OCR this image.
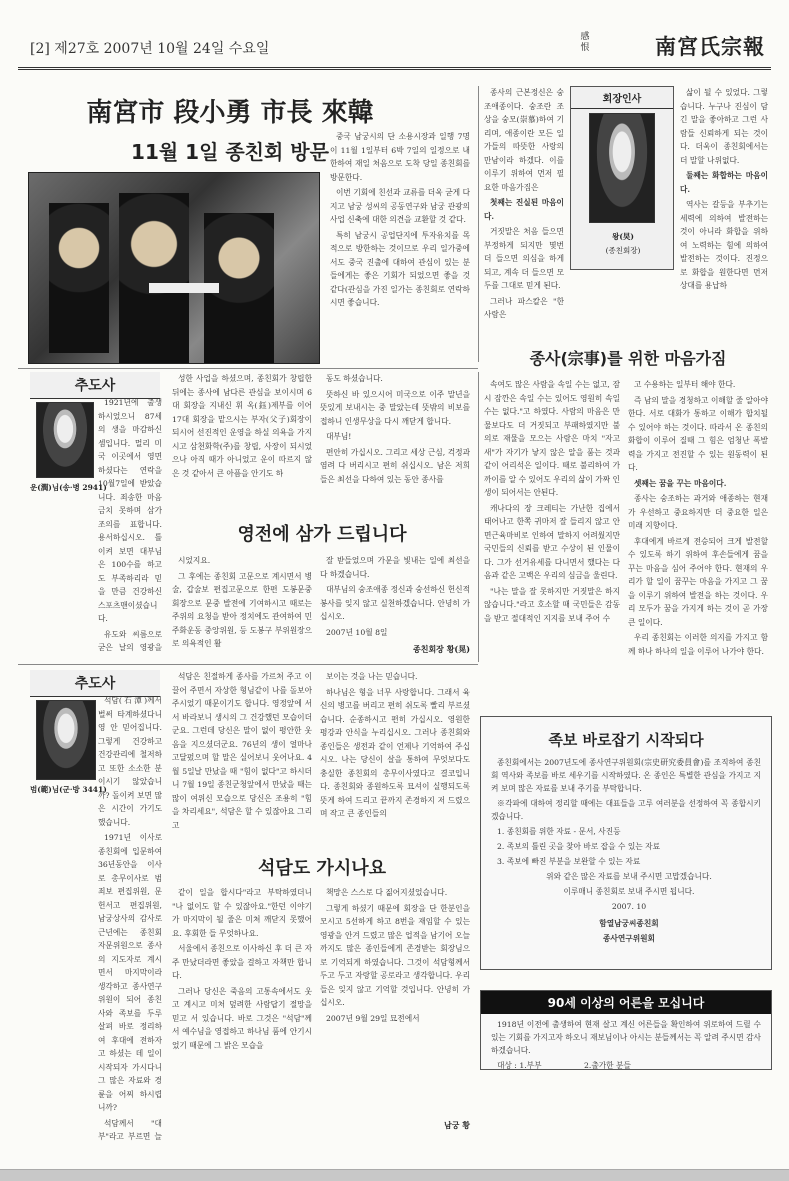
[2] 제27호 2007년 10월 24일 수요일
感 恨	南宮氏宗報
南宮市 段小勇 市長 來韓
11월 1일 종친회 방문

중국 남궁시의 단 소용시장과 일행 7명이 11월 1일부터 6박 7일의 일정으로 내한하여 재일 처음으로 도착 당일 종친회를 방문한다.

이번 기회에 친선과 교류를 더욱 굳게 다지고 남궁 성씨의 공동연구와 남궁 관광의 사업 신축에 대한 의견을 교환할 것 같다.

특히 남궁시 공업단지에 투자유치를 목적으로 방한하는 것이므로 우리 일가중에서도 중국 진출에 대하여 관심이 있는 분들에게는 좋은 기회가 되었으면 좋을 것 같다(관심을 가진 일가는 종친회로 연락하시면 좋습니다.

종사의 근본정신은 숭조애종이다. 숭조란 조상을 숭모(崇慕)하여 기리며, 애종이란 모든 일가들의 따뜻한 사랑의 만남이라 하겠다. 이를 이루기 위하여 먼저 필요한 마음가짐은

첫째는 진실된 마음이다.

거짓말은 처음 들으면 부정하게 되지만 몇번 더 들으면 의심을 하게 되고, 계속 더 들으면 모두를 그대로 믿게 된다.

그러나 파스칼은 "한 사람은

회장인사
왕(旲)
(종친회장)

삶이 될 수 있었다. 그렇습니다. 누구나 진심이 담긴 말을 좋아하고 그런 사람들 신뢰하게 되는 것이다. 더욱이 종친회에서는 더 말할 나위없다.

둘째는 화합하는 마음이다.

역사는 갈등을 부추기는 세력에 의하여 발전하는 것이 아니라 화합을 위하여 노력하는 힘에 의하여 발전하는 것이다. 진정으로 화합을 원한다면 먼저 상대를 용납하

종사(宗事)를 위한 마음가짐
추도사
운(潤)님(송·병 2941)

1921년에 출생하시었으니 87세의 생을 마감하신 셈입니다. 멀리 미국 이곳에서 영면하셨다는 연락을 10월7일에 받았습니다. 죄송한 마음 금치 못하며 삼가 조의를 표합니다. 용서하십시오. 틀이켜 보면 대부님은 100수를 하고도 부족하리라 믿을 만큼 건강하신 스포츠맨이셨습니다.

유도와 씨름으로 굳은 날의 영광을

성한 사업을 하셨으며, 종친회가 창립한 뒤에는 종사에 남다른 관심을 보이시며 6대 회장을 지내신 휘 옥(鈺)제부를 이어 17대 회장을 맡으시는 부자(父子)회장이 되시어 선진적인 운영을 하실 의욕을 가지시고 삼천화학(주)를 창립, 사장이 되시었으나 아직 때가 아니었고 운이 따르지 않은 것 같아서 큰 아픔을 안기도 하

동도 하셨습니다.

뜻하신 바 있으시어 미국으로 이주 말년을 뜻있게 보내시는 중 말았는데 뜻밖의 비보를 접하니 인생무상을 다시 깨닫게 합니다.

대부님!

편안히 가십시오. 그리고 세상 근심, 걱정과 염려 다 버리시고 편히 쉬십시오. 남은 저희들은 최선을 다하여 있는 동안 종사를

영전에 삼가 드립니다

시었지요.

그 후에는 종친회 고문으로 계시면서 병술, 갑술보 편집고문으로 한편 도봉문중 회장으로 문중 발전에 기여하시고 때로는 주위의 요청을 받아 정치에도 관여하여 민주화운동 중앙위원, 등 도봉구 부위원장으로 의욕적인 활

잘 받들었으며 가문을 빛내는 일에 최선을 다 하겠습니다.

대부님의 숭조애종 정신과 숭선하신 헌신적 봉사를 잊지 않고 실천하겠습니다. 안녕히 가십시오.

2007년 10월 8일

종친회장 황(晃)

속여도 많은 사람을 속일 수는 없고, 잠시 잠깐은 속일 수는 있어도 영원히 속일 수는 없다."고 하였다. 사람의 마음은 만물보다도 더 거짓되고 부패하였지만 불의로 재물을 모으는 사람은 마치 "자고새"가 자기가 낳지 않은 알을 품는 것과 같이 어리석은 일이다. 때로 불리하여 가까이를 알 수 있어도 우리의 삶이 가짜 인생이 되어서는 안된다.

캐나다의 장 크레티는 가난한 집에서 태어나고 한쪽 귀마저 잘 들리지 않고 안면근육마비로 인하여 말하지 어려웠지만 국민들의 신뢰를 받고 수상이 된 인물이다. 그가 선거유세를 다니면서 했다는 다음과 같은 고백은 우리의 심금을 울린다.

"나는 말을 잘 못하지만 거짓말은 하지 않습니다."라고 호소할 때 국민들은 감동을 받고 절대적인 지지를 보내 주어 수

고 수용하는 일부터 해야 한다.

즉 남의 말을 경청하고 이해할 줄 알아야 한다. 서로 대화가 통하고 이해가 합치될 수 있어야 하는 것이다. 따라서 온 종친의 화합이 이루어 질때 그 힘은 엄청난 폭발력을 가지고 전진할 수 있는 원동력이 된다.

셋째는 꿈을 꾸는 마음이다.

종사는 숭조하는 과거와 애종하는 현재가 우선하고 중요하지만 더 중요한 일은 미래 지향이다.

후대에게 바르게 전승되어 크게 발전할 수 있도록 하기 위하여 후손들에게 꿈을 꾸는 마음을 심어 주어야 한다. 현재의 우리가 할 일이 꿈꾸는 마음을 가지고 그 꿈을 이루기 위하여 발전을 하는 것이다. 우리 모두가 꿈을 가지게 하는 것이 곧 가장 큰 일이다.

우리 종친회는 이러한 의지를 가지고 함께 하나 하나의 일을 이루어 나가야 한다.

추도사
범(範)님(군·방 3441)

석담(石潭)께서 벌써 타계하셨다니 영 안 믿어집니다. 그렇게 건강하고 건강관리에 철저하고 또한 소소한 분이시기 않았습니까? 돌이켜 보면 많은 시간이 가기도 했습니다.

1971년 이사로 종친회에 입문하여 36년동안을 이사로 총무이사로 범죄보 편집위원, 문헌서고 편집위원, 남궁상사의 감사로 근년에는 종친회 자문위원으로 종사의 지도자로 계시면서 마지막이라 생각하고 종사연구위원이 되어 종친사와 족보를 두루 살펴 바로 정리하여 후대에 전하자고 하셨는 데 일이 시작되자 가시다니 그 많은 자료와 경륜을 어찌 하시렵니까?

석담께서 "대부"라고 부르면 늘

석담은 친절하게 종사를 가르쳐 주고 이끌어 주면서 자상한 형님같이 나를 돌보아 주시었기 때문이기도 합니다. 영정앞에 서서 바라보니 생시의 그 건강했던 모습이더군요. 그런데 당신은 말이 없이 평안한 웃음을 지으셨더군요. 76년의 생이 얼마나 고달펐으며 할 말은 실어보니 웃어나요. 4월 5일날 만났을 때 "힘이 없다"고 하시더니 7월 19일 종친군청앞에서 만났을 때는 많이 여위신 모습으로 당신은 조용히 "힘을 차리세요", 석담은 할 수 있잖아요 그리고

보이는 것을 나는 믿습니다.

하나님은 형을 너무 사랑합니다. 그래서 육신의 병고를 버리고 편히 쉬도록 빨리 부르셨습니다. 순종하시고 편히 가십시오. 영원한 평강과 안식을 누리십시오. 그러나 종친회와 종인들은 생전과 같이 언제나 기억하여 주십시오. 나는 당신이 살을 통하여 무엇보다도 충실한 종친회의 총무이사였다고 결코입니다. 종친회와 종원하도록 묘셔이 실행되도록 뜻게 하여 드리고 끝까지 존경하지 저 드렸으며 작고 큰 종인들의

석담도 가시나요

같이 일을 합시다"라고 부탁하였더니 "나 없이도 할 수 있잖아요."한던 이야기가 마지막이 될 줄은 미쳐 깨닫지 못했어요. 후회한 들 무엇하나요.

서울에서 종친으로 이사하신 후 더 큰 자주 만났더라면 좋았을 걸하고 자책만 합니다.

그러나 당신은 죽음의 고통속에서도 웃고 계시고 미처 덮려한 사람답기 절망을 믿고 서 있습니다. 바로 그것은 "석담"께서 예수님을 영접하고 하나님 품에 안기시었기 때문에 그 밝은 모습을

책망은 스스로 다 짊어지셨었습니다.

그렇게 하셨기 때문에 회장을 단 한분인을 모시고 5선하게 하고 8번을 재임할 수 있는 영광을 안겨 드렸고 많은 업적을 남기어 오늘까지도 많은 종인들에게 존경받는 회장님으로 기억되게 하였습니다. 그것이 석담형께서 두고 두고 자랑할 공로라고 생각합니다. 우리들은 잊지 않고 기억할 것입니다. 안녕히 가십시오.

2007년 9월 29일 묘전에서

남궁 황
족보 바로잡기 시작되다

종친회에서는 2007년도에 종사연구위원회(宗史研究委員會)를 조직하여 종친회 역사와 족보를 바로 세우기를 시작하였다. 온 종인은 특별한 관심을 가지고 지켜 보며 많은 자료를 보내 주기를 부탁합니다.

※각파에 대하여 정리할 때에는 대표들을 고루 여러분을 선정하여 꼭 종합시키겠습니다.

1. 종친회를 위한 자료 - 문서, 사진등

2. 족보의 틀린 곳을 찾아 바로 잡을 수 있는 자료

3. 족보에 빠진 부분을 보완할 수 있는 자료

위와 같은 많은 자료를 보내 주시면 고맙겠습니다.

이루매니 종친회로 보내 주시면 됩니다.

2007. 10

함열남궁씨종친회

종사연구위원회

90세 이상의 어른을 모십니다

1918년 이전에 출생하여 현재 살고 계신 어른들을 확인하여 위로하여 드릴 수 있는 기회를 가지고자 하오니 재보님이나 아시는 분들께서는 꼭 알려 주시면 감사하겠습니다.

대상 : 1.부부	2.출가한 분들
